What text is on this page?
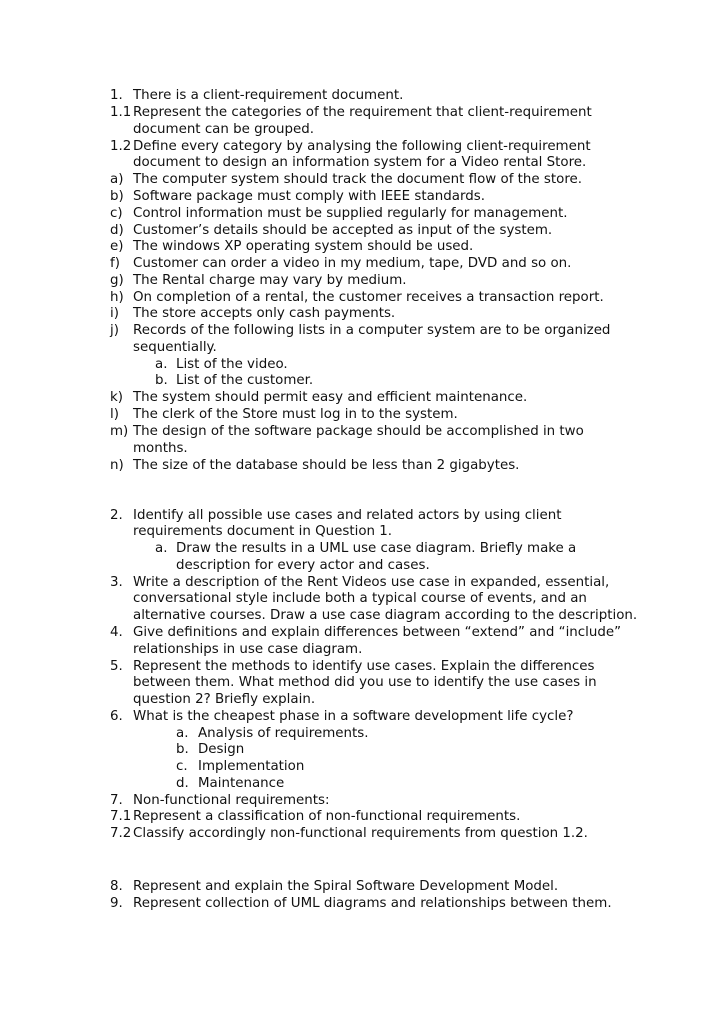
1. There is a client-requirement document.
1.1 Represent the categories of the requirement that client-requirement
document can be grouped.
1.2 Define every category by analysing the following client-requirement
document to design an information system for a Video rental Store.
a) The computer system should track the document flow of the store.
b) Software package must comply with IEEE standards.
c) Control information must be supplied regularly for management.
d) Customer’s details should be accepted as input of the system.
e) The windows XP operating system should be used.
f) Customer can order a video in my medium, tape, DVD and so on.
g) The Rental charge may vary by medium.
h) On completion of a rental, the customer receives a transaction report.
i) The store accepts only cash payments.
j) Records of the following lists in a computer system are to be organized
sequentially.
a. List of the video.
b. List of the customer.
k) The system should permit easy and efficient maintenance.
l) The clerk of the Store must log in to the system.
m) The design of the software package should be accomplished in two
months.
n) The size of the database should be less than 2 gigabytes.
2. Identify all possible use cases and related actors by using client
requirements document in Question 1.
a. Draw the results in a UML use case diagram. Briefly make a
description for every actor and cases.
3. Write a description of the Rent Videos use case in expanded, essential,
conversational style include both a typical course of events, and an
alternative courses. Draw a use case diagram according to the description.
4. Give definitions and explain differences between “extend” and “include”
relationships in use case diagram.
5. Represent the methods to identify use cases. Explain the differences
between them. What method did you use to identify the use cases in
question 2? Briefly explain.
6. What is the cheapest phase in a software development life cycle?
a. Analysis of requirements.
b. Design
c. Implementation
d. Maintenance
7. Non-functional requirements:
7.1 Represent a classification of non-functional requirements.
7.2 Classify accordingly non-functional requirements from question 1.2.
8. Represent and explain the Spiral Software Development Model.
9. Represent collection of UML diagrams and relationships between them.
